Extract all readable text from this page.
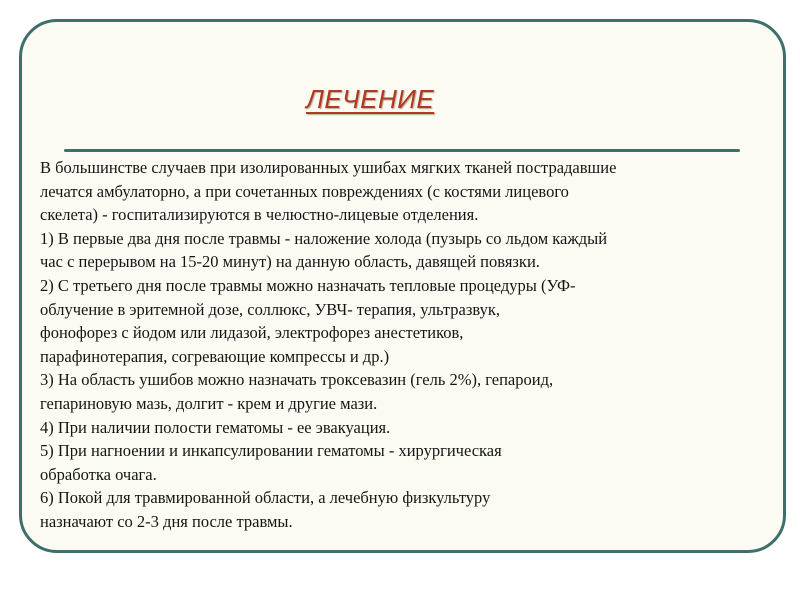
ЛЕЧЕНИЕ
В большинстве случаев при изолированных ушибах мягких тканей пострадавшие
лечатся амбулаторно, а при сочетанных повреждениях (с костями лицевого
скелета) - госпитализируются в челюстно-лицевые отделения.
1) В первые два дня после травмы - наложение холода (пузырь со льдом каждый
час с перерывом на 15-20 минут) на данную область, давящей повязки.
2) С третьего дня после травмы можно назначать тепловые процедуры (УФ-
облучение в эритемной дозе, соллюкс, УВЧ- терапия, ультразвук,
фонофорез с йодом или лидазой, электрофорез анестетиков,
парафинотерапия, согревающие компрессы и др.)
3) На область ушибов можно назначать троксевазин (гель 2%), гепароид,
гепариновую мазь, долгит - крем и другие мази.
4) При наличии полости гематомы - ее эвакуация.
5) При нагноении и инкапсулировании гематомы - хирургическая
обработка очага.
6) Покой для травмированной области, а лечебную физкультуру
назначают со 2-3 дня после травмы.
